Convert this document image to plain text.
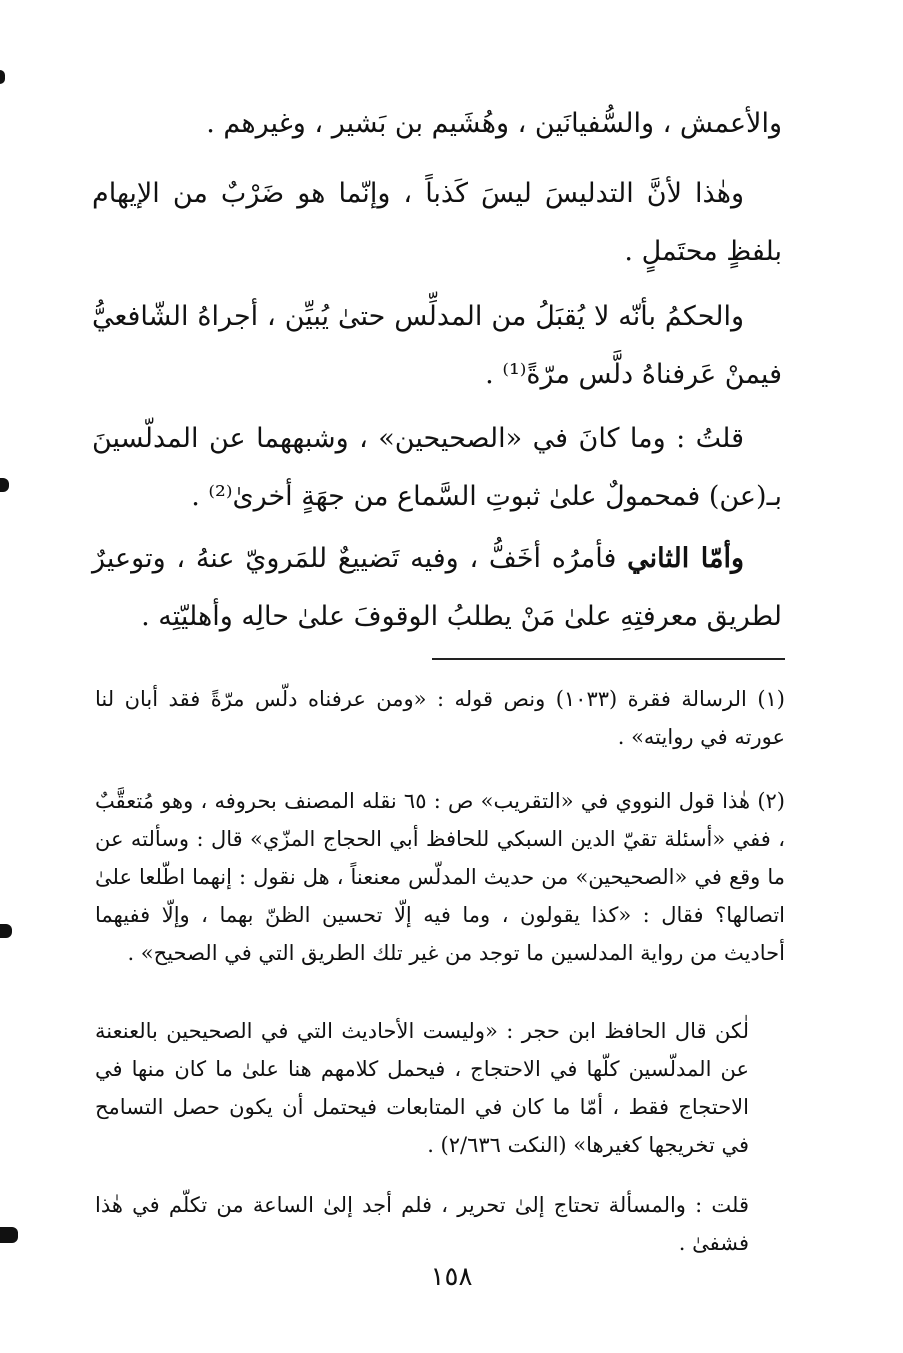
والأعمش ، والسُّفيانَين ، وهُشَيم بن بَشير ، وغيرهم .
وهٰذا لأنَّ التدليسَ ليسَ كَذباً ، وإنّما هو ضَرْبٌ من الإيهام بلفظٍ محتَملٍ .
والحكمُ بأنّه لا يُقبَلُ من المدلِّس حتىٰ يُبيِّن ، أجراهُ الشّافعيُّ فيمنْ عَرفناهُ دلَّس مرّةً⁽¹⁾ .
قلتُ : وما كانَ في «الصحيحين» ، وشبههما عن المدلّسينَ بـ(عن) فمحمولٌ علىٰ ثبوتِ السَّماع من جهَةٍ أخرىٰ⁽²⁾ .
وأمّا الثاني فأمرُه أخَفُّ ، وفيه تَضييعٌ للمَرويّ عنهُ ، وتوعيرٌ لطريق معرفتِهِ علىٰ مَنْ يطلبُ الوقوفَ علىٰ حالِه وأهليّتِه .
(١) الرسالة فقرة (١٠٣٣) ونص قوله : «ومن عرفناه دلّس مرّةً فقد أبان لنا عورته في روايته» .
(٢) هٰذا قول النووي في «التقريب» ص : ٦٥ نقله المصنف بحروفه ، وهو مُتعقَّبٌ ، ففي «أسئلة تقيّ الدين السبكي للحافظ أبي الحجاج المزّي» قال : وسألته عن ما وقع في «الصحيحين» من حديث المدلّس معنعناً ، هل نقول : إنهما اطّلعا علىٰ اتصالها؟ فقال : «كذا يقولون ، وما فيه إلّا تحسين الظنّ بهما ، وإلّا ففيهما أحاديث من رواية المدلسين ما توجد من غير تلك الطريق التي في الصحيح» .
لٰكن قال الحافظ ابن حجر : «وليست الأحاديث التي في الصحيحين بالعنعنة عن المدلّسين كلّها في الاحتجاج ، فيحمل كلامهم هنا علىٰ ما كان منها في الاحتجاج فقط ، أمّا ما كان في المتابعات فيحتمل أن يكون حصل التسامح في تخريجها كغيرها» (النكت ٢/٦٣٦) .
قلت : والمسألة تحتاج إلىٰ تحرير ، فلم أجد إلىٰ الساعة من تكلّم في هٰذا فشفىٰ .
١٥٨
